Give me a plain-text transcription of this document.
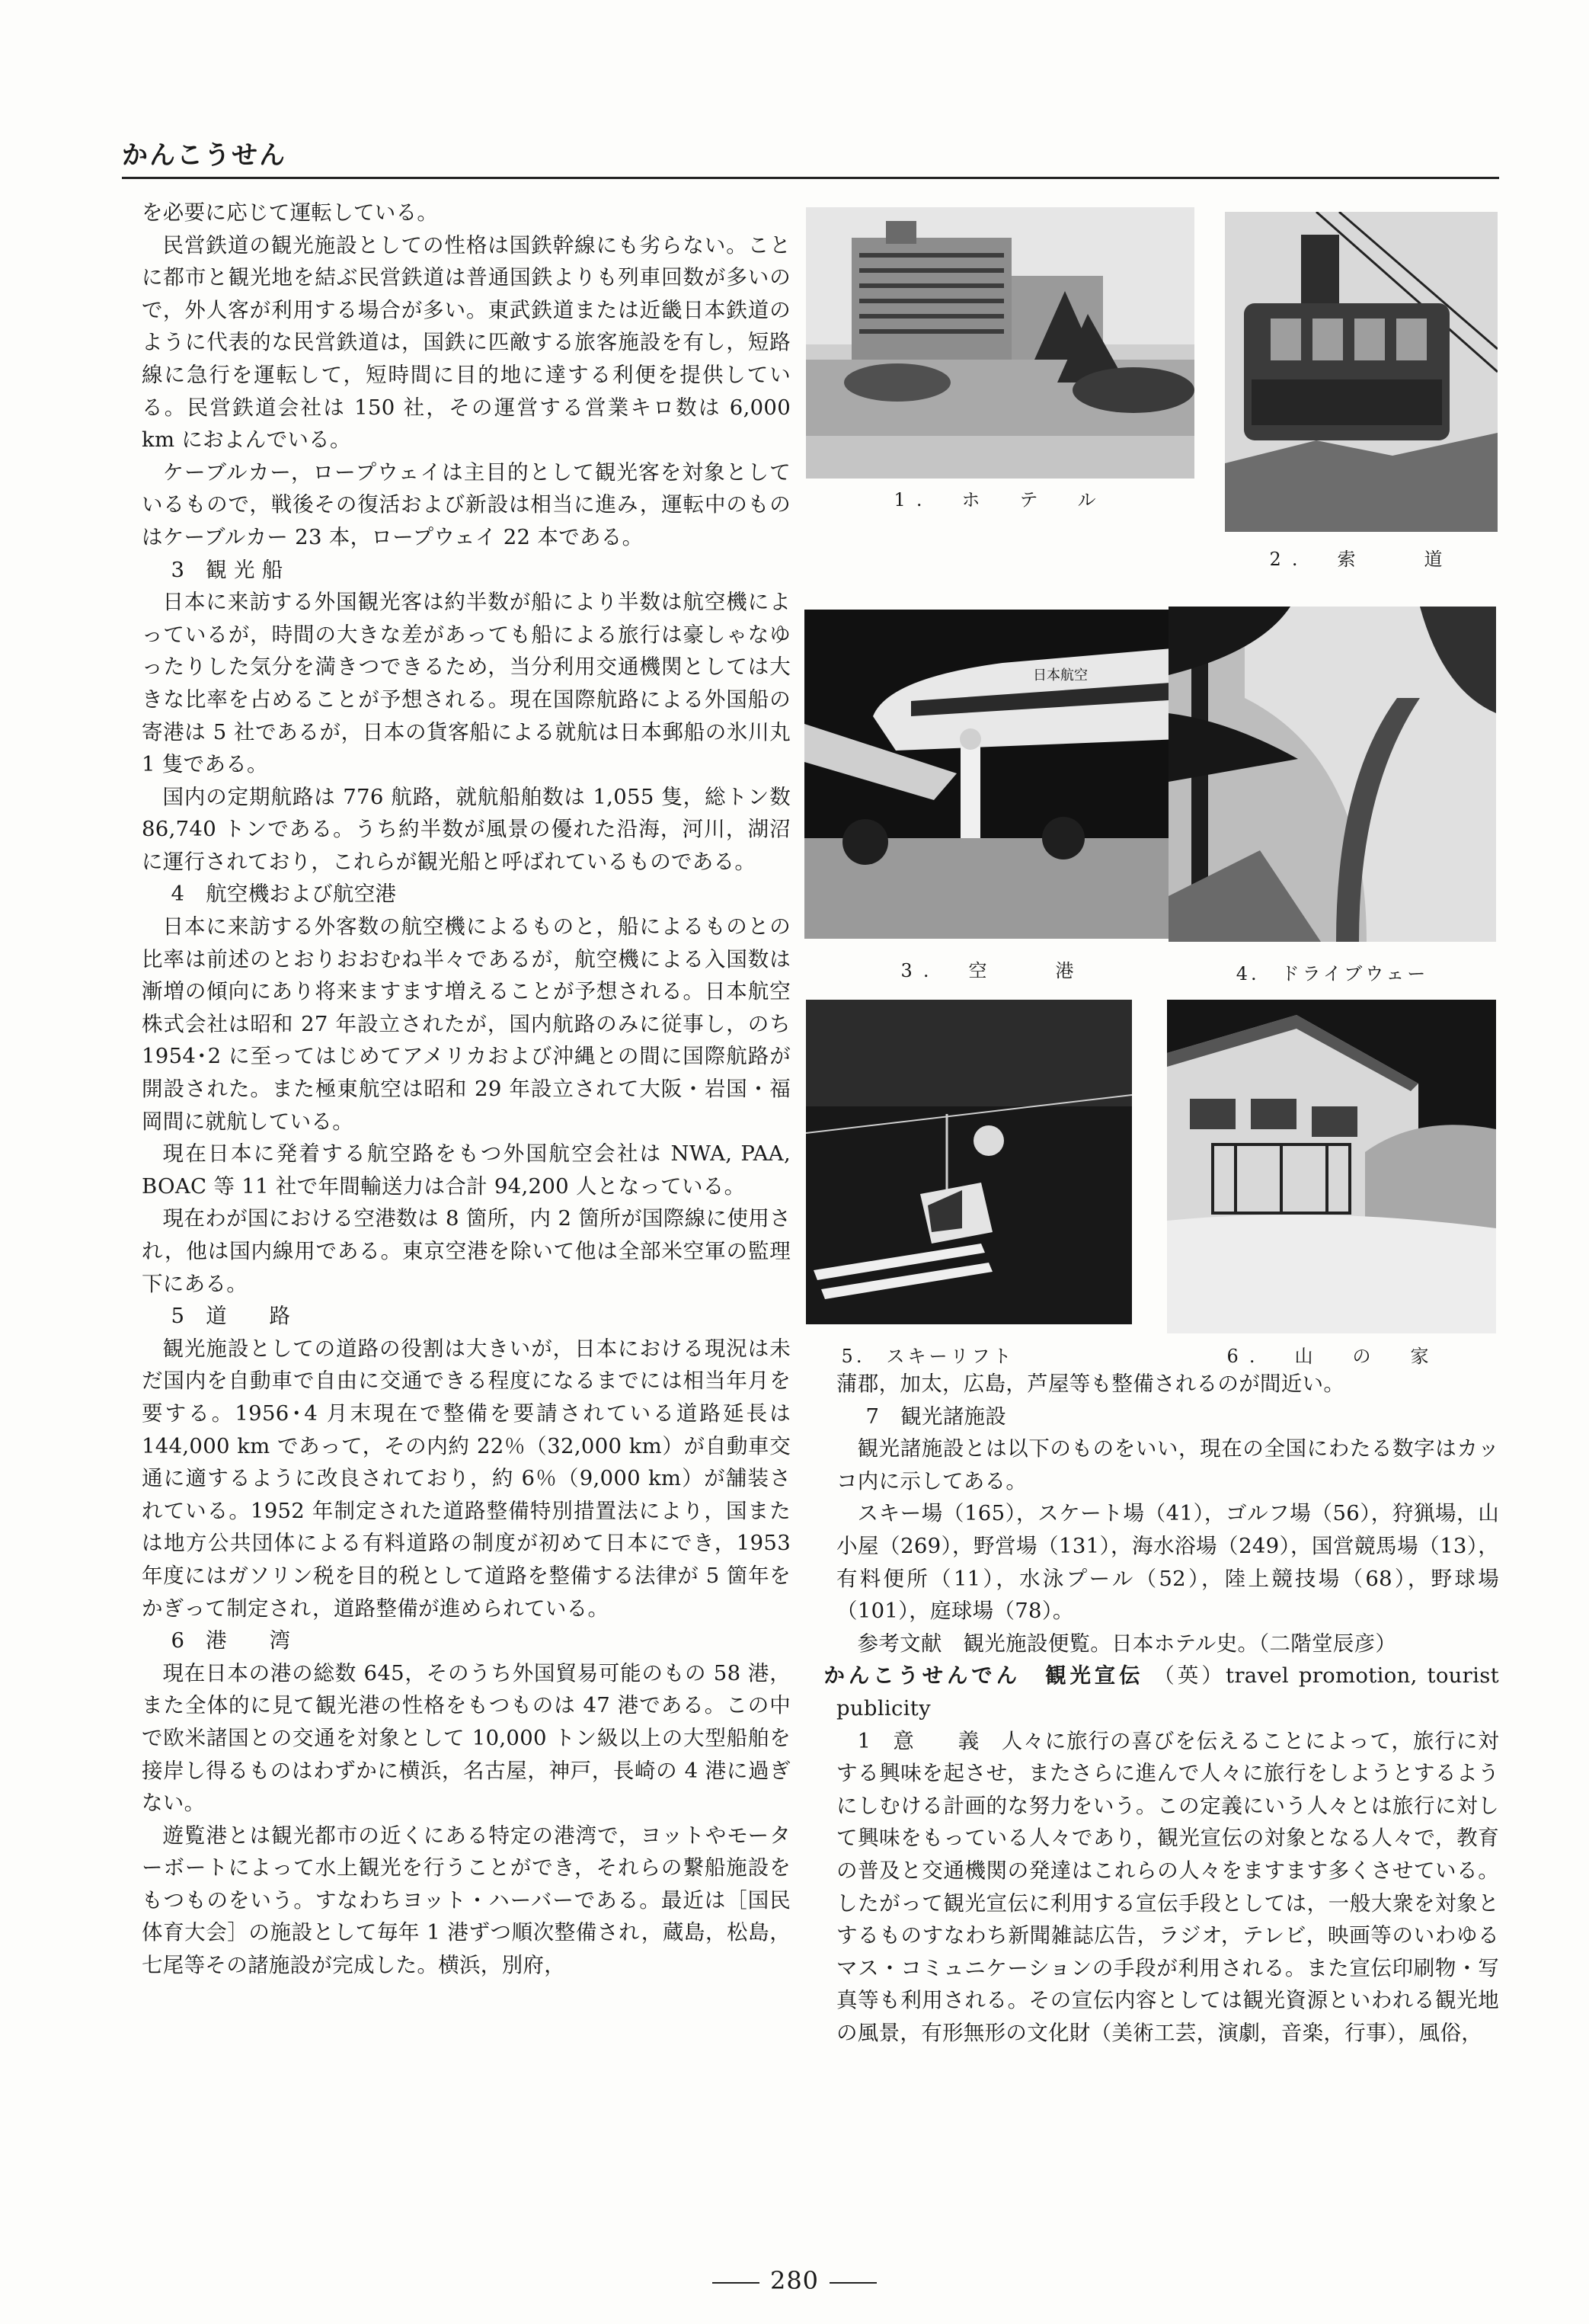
かんこうせん

を必要に応じて運転している。

民営鉄道の観光施設としての性格は国鉄幹線にも劣らない。ことに都市と観光地を結ぶ民営鉄道は普通国鉄よりも列車回数が多いので，外人客が利用する場合が多い。東武鉄道または近畿日本鉄道のように代表的な民営鉄道は，国鉄に匹敵する旅客施設を有し，短路線に急行を運転して，短時間に目的地に達する利便を提供している。民営鉄道会社は 150 社，その運営する営業キロ数は 6,000 km におよんでいる。

ケーブルカー，ロープウェイは主目的として観光客を対象としているもので，戦後その復活および新設は相当に進み，運転中のものはケーブルカー 23 本，ロープウェイ 22 本である。

3　観 光 船

日本に来訪する外国観光客は約半数が船により半数は航空機によっているが，時間の大きな差があっても船による旅行は豪しゃなゆったりした気分を満きつできるため，当分利用交通機関としては大きな比率を占めることが予想される。現在国際航路による外国船の寄港は 5 社であるが，日本の貨客船による就航は日本郵船の氷川丸 1 隻である。

国内の定期航路は 776 航路，就航船舶数は 1,055 隻，総トン数 86,740 トンである。うち約半数が風景の優れた沿海，河川，湖沼に運行されており，これらが観光船と呼ばれているものである。

4　航空機および航空港

日本に来訪する外客数の航空機によるものと，船によるものとの比率は前述のとおりおおむね半々であるが，航空機による入国数は漸増の傾向にあり将来ますます増えることが予想される。日本航空株式会社は昭和 27 年設立されたが，国内航路のみに従事し，のち 1954･2 に至ってはじめてアメリカおよび沖縄との間に国際航路が開設された。また極東航空は昭和 29 年設立されて大阪・岩国・福岡間に就航している。

現在日本に発着する航空路をもつ外国航空会社は NWA, PAA, BOAC 等 11 社で年間輸送力は合計 94,200 人となっている。

現在わが国における空港数は 8 箇所，内 2 箇所が国際線に使用され，他は国内線用である。東京空港を除いて他は全部米空軍の監理下にある。

5　道　　路

観光施設としての道路の役割は大きいが，日本における現況は未だ国内を自動車で自由に交通できる程度になるまでには相当年月を要する。1956･4 月末現在で整備を要請されている道路延長は 144,000 km であって，その内約 22％（32,000 km）が自動車交通に適するように改良されており，約 6％（9,000 km）が舗装されている。1952 年制定された道路整備特別措置法により，国または地方公共団体による有料道路の制度が初めて日本にでき，1953 年度にはガソリン税を目的税として道路を整備する法律が 5 箇年をかぎって制定され，道路整備が進められている。

6　港　　湾

現在日本の港の総数 645，そのうち外国貿易可能のもの 58 港，また全体的に見て観光港の性格をもつものは 47 港である。この中で欧米諸国との交通を対象として 10,000 トン級以上の大型船舶を接岸し得るものはわずかに横浜，名古屋，神戸，長崎の 4 港に過ぎない。

遊覧港とは観光都市の近くにある特定の港湾で，ヨットやモーターボートによって水上観光を行うことができ，それらの繋船施設をもつものをいう。すなわちヨット・ハーバーである。最近は［国民体育大会］の施設として毎年 1 港ずつ順次整備され，蔵島，松島，七尾等その諸施設が完成した。横浜，別府，

1.　ホ　テ　ル
2.　索　　道
日本航空
3.　空　　港	4.　ドライブウェー
5.　スキーリフト	6.　山　の　家

蒲郡，加太，広島，芦屋等も整備されるのが間近い。

7　観光諸施設

観光諸施設とは以下のものをいい，現在の全国にわたる数字はカッコ内に示してある。

スキー場（165），スケート場（41），ゴルフ場（56），狩猟場，山小屋（269），野営場（131），海水浴場（249），国営競馬場（13），有料便所（11），水泳プール（52），陸上競技場（68），野球場（101），庭球場（78）。

参考文献　観光施設便覧。日本ホテル史。（二階堂辰彦）

かんこうせんでん　観光宣伝 （英）travel promotion, tourist publicity

1　意　　義　人々に旅行の喜びを伝えることによって，旅行に対する興味を起させ，またさらに進んで人々に旅行をしようとするようにしむける計画的な努力をいう。この定義にいう人々とは旅行に対して興味をもっている人々であり，観光宣伝の対象となる人々で，教育の普及と交通機関の発達はこれらの人々をますます多くさせている。したがって観光宣伝に利用する宣伝手段としては，一般大衆を対象とするものすなわち新聞雑誌広告，ラジオ，テレビ，映画等のいわゆるマス・コミュニケーションの手段が利用される。また宣伝印刷物・写真等も利用される。その宣伝内容としては観光資源といわれる観光地の風景，有形無形の文化財（美術工芸，演劇，音楽，行事），風俗，

280
